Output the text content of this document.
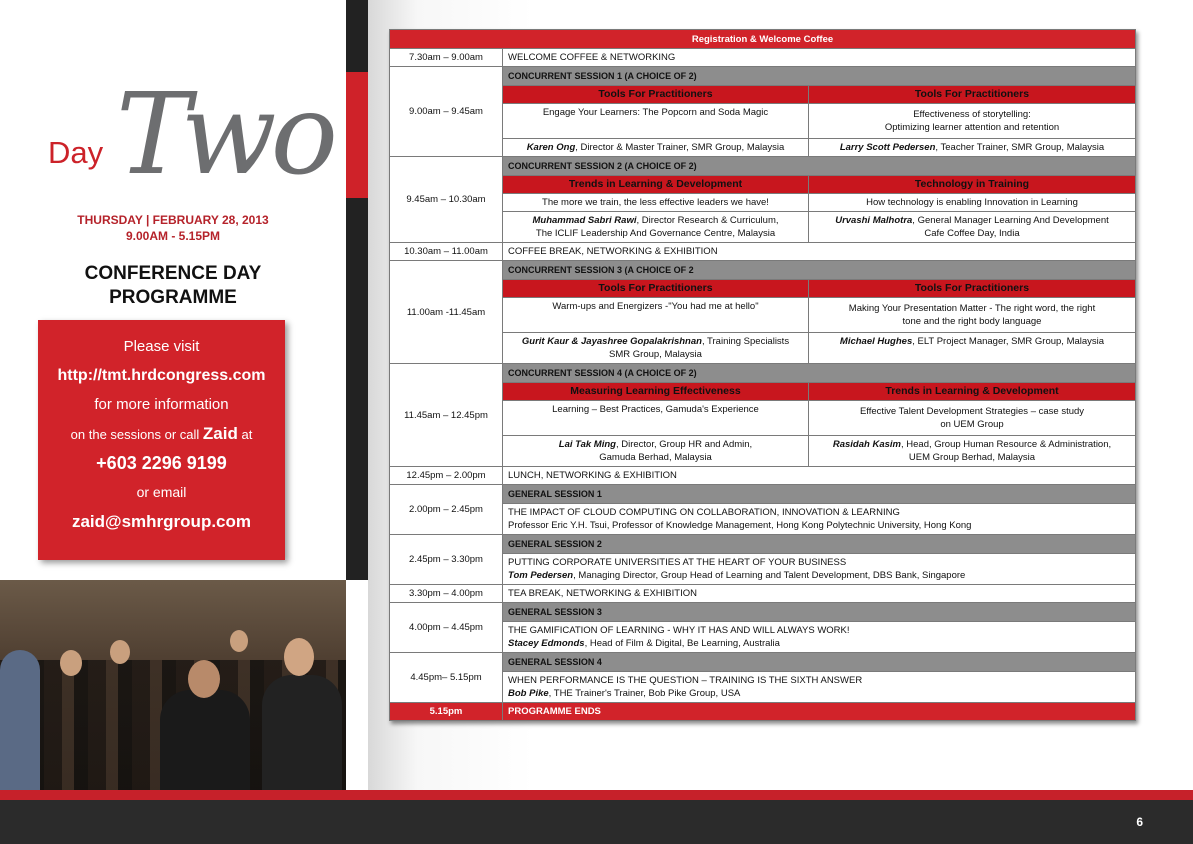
Two
Day
THURSDAY | FEBRUARY 28, 2013
9.00AM - 5.15PM
CONFERENCE DAY
PROGRAMME
Please visit
http://tmt.hrdcongress.com
for more information
on the sessions or call Zaid at
+603 2296 9199
or email
zaid@smhrgroup.com
Registration & Welcome Coffee		
7.30am – 9.00am	WELCOME COFFEE & NETWORKING	
9.00am – 9.45am	CONCURRENT SESSION 1 (A CHOICE OF 2)	
	Tools For Practitioners	Tools For Practitioners
	Engage Your Learners: The Popcorn and Soda Magic	Effectiveness of storytelling:
Optimizing learner attention and retention

	Karen Ong, Director & Master Trainer, SMR Group, Malaysia	Larry Scott Pedersen, Teacher Trainer, SMR Group, Malaysia
9.45am – 10.30am	CONCURRENT SESSION 2 (A CHOICE OF 2)	
	Trends in Learning & Development	Technology in Training
	The more we train, the less effective leaders we have!	How technology is enabling Innovation in Learning
	Muhammad Sabri Rawi, Director Research & Curriculum,
The ICLIF Leadership And Governance Centre, Malaysia	Urvashi Malhotra, General Manager Learning And Development
Cafe Coffee Day, India
10.30am – 11.00am	COFFEE BREAK, NETWORKING & EXHIBITION	
11.00am -11.45am	CONCURRENT SESSION 3 (A CHOICE OF 2	
	Tools For Practitioners	Tools For Practitioners
	Warm-ups and Energizers -"You had me at hello"	Making Your Presentation Matter - The right word, the right
tone and the right body language

	Gurit Kaur & Jayashree Gopalakrishnan, Training Specialists
SMR Group, Malaysia	Michael Hughes, ELT Project Manager, SMR Group, Malaysia
11.45am – 12.45pm	CONCURRENT SESSION 4 (A CHOICE OF 2)	
	Measuring Learning Effectiveness	Trends in Learning & Development
	Learning – Best Practices, Gamuda's Experience	Effective Talent Development Strategies – case study
on UEM Group

	Lai Tak Ming, Director, Group HR and Admin,
Gamuda Berhad, Malaysia	Rasidah Kasim, Head, Group Human Resource & Administration,
UEM Group Berhad, Malaysia
12.45pm – 2.00pm	LUNCH, NETWORKING & EXHIBITION	
2.00pm – 2.45pm	GENERAL SESSION 1	

	THE IMPACT OF CLOUD COMPUTING ON COLLABORATION, INNOVATION & LEARNING
Professor Eric Y.H. Tsui, Professor of Knowledge Management, Hong Kong Polytechnic University, Hong Kong	

2.45pm – 3.30pm	GENERAL SESSION 2	

	PUTTING CORPORATE UNIVERSITIES AT THE HEART OF YOUR BUSINESS
Tom Pedersen, Managing Director, Group Head of Learning and Talent Development, DBS Bank, Singapore	

3.30pm – 4.00pm	TEA BREAK, NETWORKING & EXHIBITION	
4.00pm – 4.45pm	GENERAL SESSION 3	

	THE GAMIFICATION OF LEARNING - WHY IT HAS AND WILL ALWAYS WORK!
Stacey Edmonds, Head of Film & Digital, Be Learning, Australia	

4.45pm– 5.15pm	GENERAL SESSION 4	

	WHEN PERFORMANCE IS THE QUESTION – TRAINING IS THE SIXTH ANSWER
Bob Pike, THE Trainer's Trainer, Bob Pike Group, USA	

5.15pm	PROGRAMME ENDS	
6
